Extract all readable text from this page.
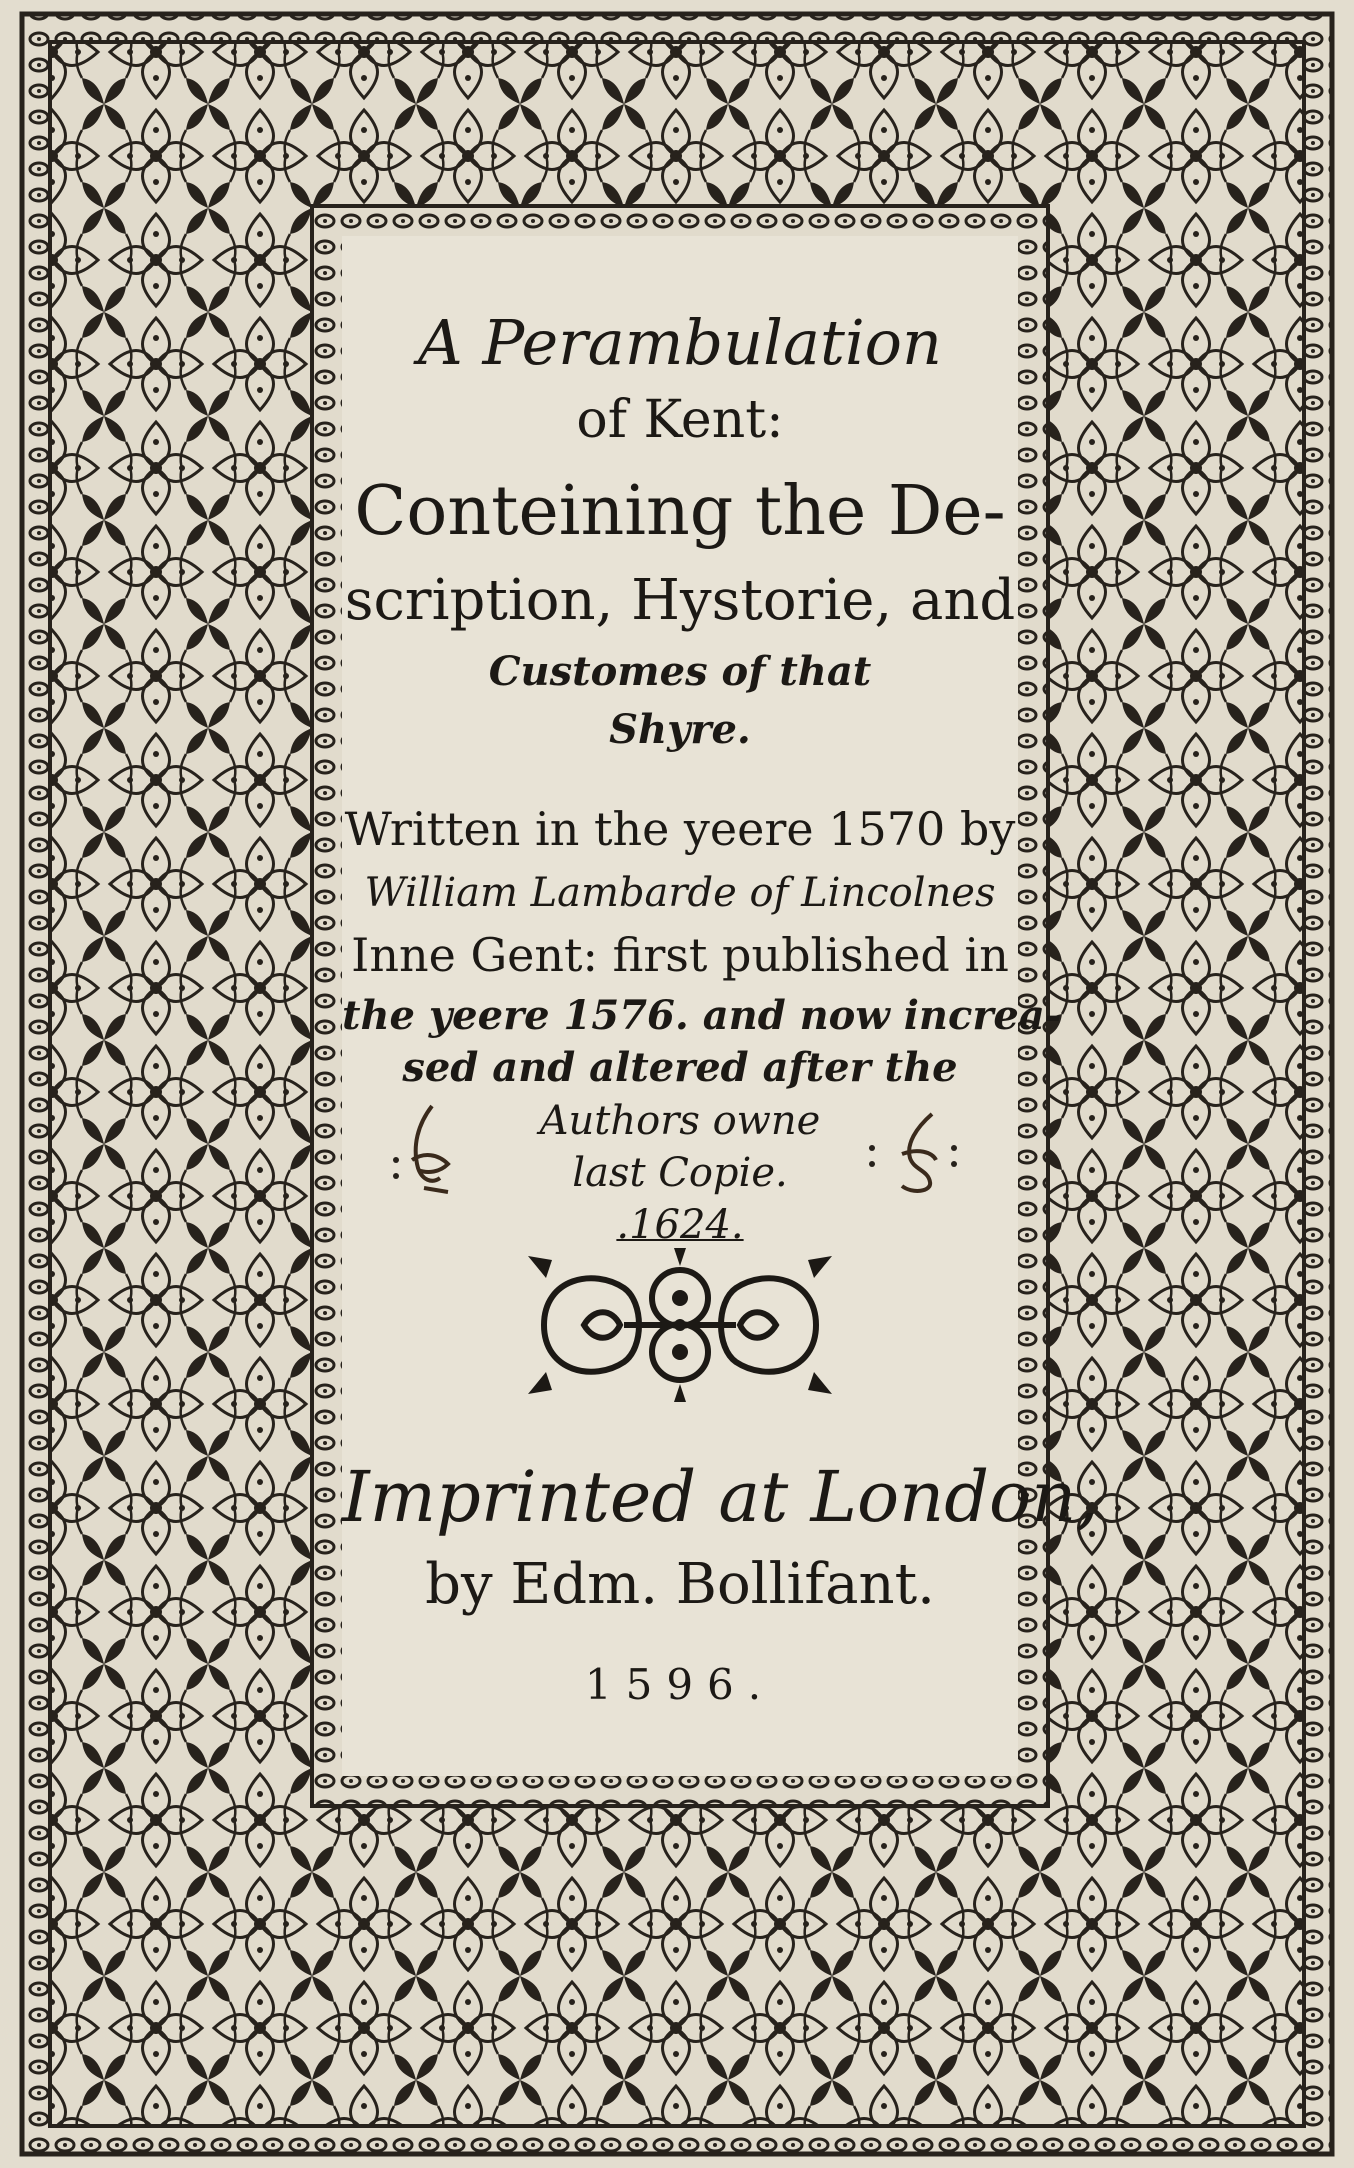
A Perambulation
of Kent:
Conteining the De-
scription, Hystorie, and
Customes of that
Shyre.
Written in the yeere 1570 by
William Lambarde of Lincolnes
Inne Gent: first published in
the yeere 1576. and now increa-
sed and altered after the
Authors owne
last Copie.
.1624.
Imprinted at London,
by Edm. Bollifant.
1596.
